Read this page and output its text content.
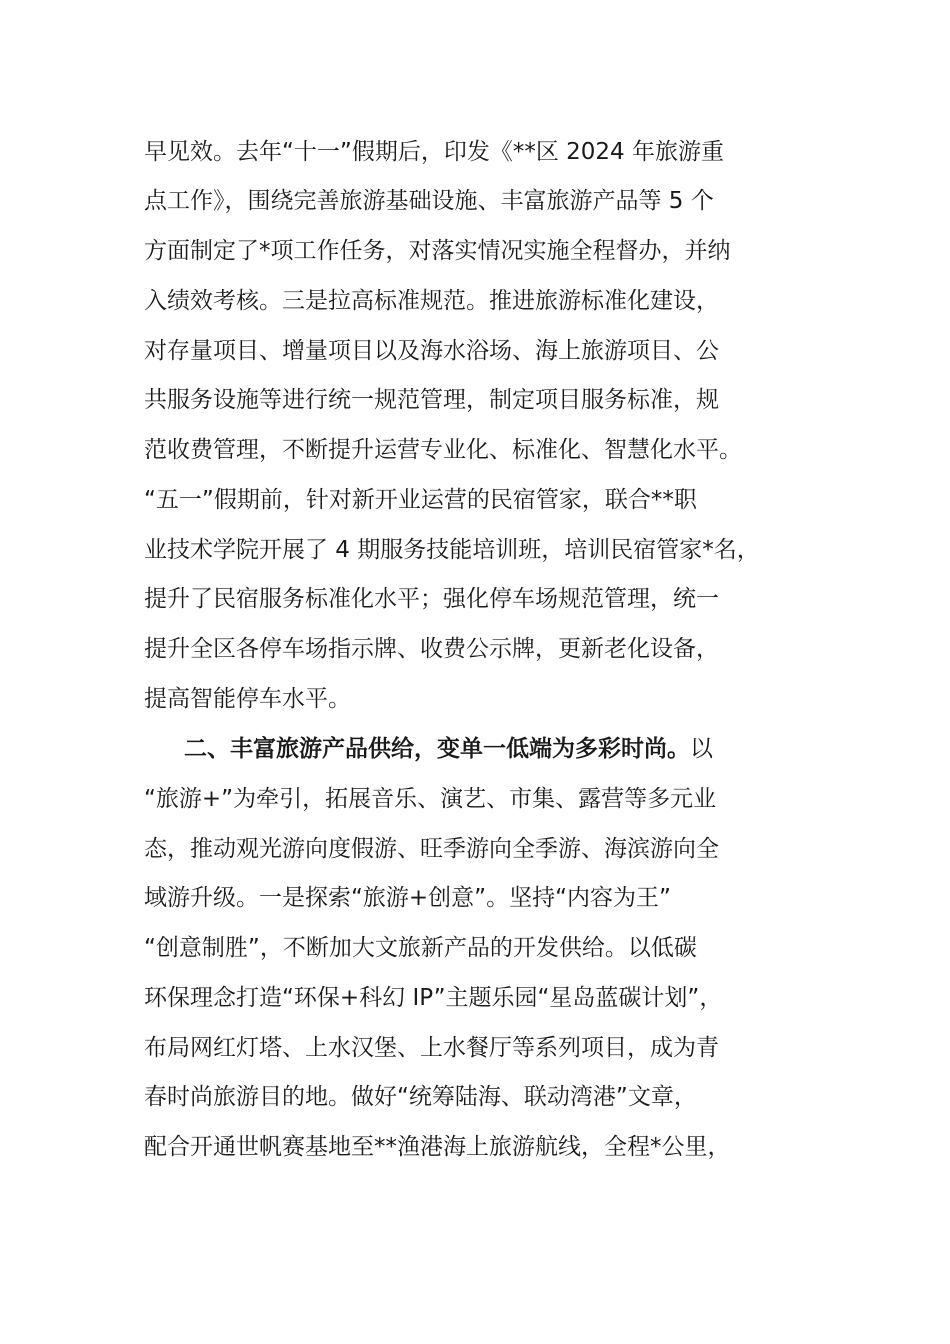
早见效。去年“十一”假期后，印发《**区 2024 年旅游重
点工作》，围绕完善旅游基础设施、丰富旅游产品等 5 个
方面制定了*项工作任务，对落实情况实施全程督办，并纳
入绩效考核。三是拉高标准规范。推进旅游标准化建设，
对存量项目、增量项目以及海水浴场、海上旅游项目、公
共服务设施等进行统一规范管理，制定项目服务标准，规
范收费管理，不断提升运营专业化、标准化、智慧化水平。
“五一”假期前，针对新开业运营的民宿管家，联合**职
业技术学院开展了 4 期服务技能培训班，培训民宿管家*名，
提升了民宿服务标准化水平；强化停车场规范管理，统一
提升全区各停车场指示牌、收费公示牌，更新老化设备，
提高智能停车水平。
二、丰富旅游产品供给，变单一低端为多彩时尚。以
“旅游+”为牵引，拓展音乐、演艺、市集、露营等多元业
态，推动观光游向度假游、旺季游向全季游、海滨游向全
域游升级。一是探索“旅游+创意”。坚持“内容为王”
“创意制胜”，不断加大文旅新产品的开发供给。以低碳
环保理念打造“环保+科幻 IP”主题乐园“星岛蓝碳计划”，
布局网红灯塔、上水汉堡、上水餐厅等系列项目，成为青
春时尚旅游目的地。做好“统筹陆海、联动湾港”文章，
配合开通世帆赛基地至**渔港海上旅游航线，全程*公里，
